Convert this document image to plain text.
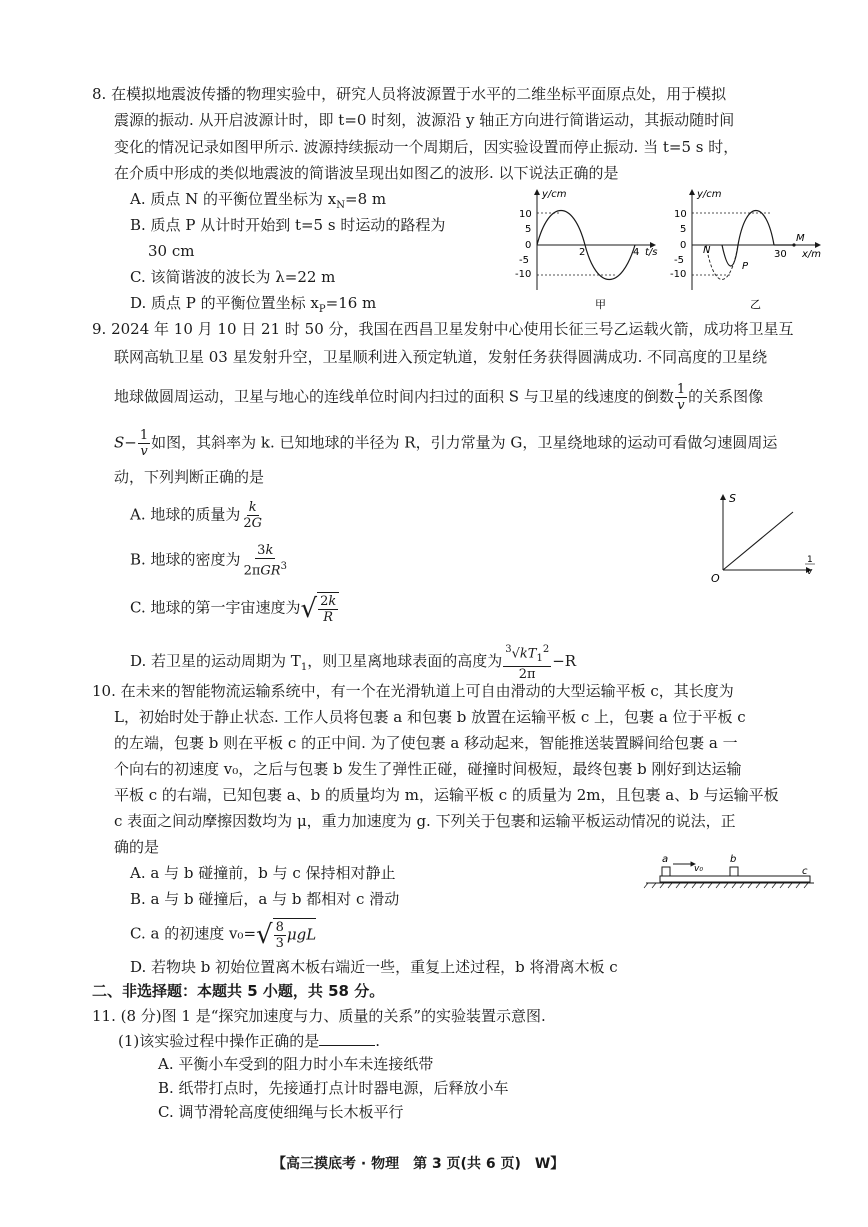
8. 在模拟地震波传播的物理实验中，研究人员将波源置于水平的二维坐标平面原点处，用于模拟
震源的振动. 从开启波源计时，即 t=0 时刻，波源沿 y 轴正方向进行简谐运动，其振动随时间
变化的情况记录如图甲所示. 波源持续振动一个周期后，因实验设置而停止振动. 当 t=5 s 时，
在介质中形成的类似地震波的简谐波呈现出如图乙的波形. 以下说法正确的是
A. 质点 N 的平衡位置坐标为 $x_N=8$ m
B. 质点 P 从计时开始到 t=5 s 时运动的路程为
30 cm
C. 该简谐波的波长为 λ=22 m
D. 质点 P 的平衡位置坐标 $x_P=16$ m
y/cm
t/s
10
5
0
-5
-10
2	4
甲
y/cm
x/m
10
5
0
-5
-10
30
N
P
M
乙
9. 2024 年 10 月 10 日 21 时 50 分，我国在西昌卫星发射中心使用长征三号乙运载火箭，成功将卫星互
联网高轨卫星 03 星发射升空，卫星顺利进入预定轨道，发射任务获得圆满成功. 不同高度的卫星绕
地球做圆周运动，卫星与地心的连线单位时间内扫过的面积 S 与卫星的线速度的倒数 $\frac{1}{v}$ 的关系图像
$S- \frac{1}{v}$ 如图，其斜率为 k. 已知地球的半径为 R，引力常量为 G，卫星绕地球的运动可看做匀速圆周运
动，下列判断正确的是
A. 地球的质量为 $\frac{k}{2G}$
B. 地球的密度为 $\frac{3k}{2\pi GR^3}$
C. 地球的第一宇宙速度为 √ $\frac{2k}{R}$
D. 若卫星的运动周期为 $T_1$，则卫星离地球表面的高度为 $\frac{^3√kT_1^2}{2\pi} -R$
S
O
1
v
10. 在未来的智能物流运输系统中，有一个在光滑轨道上可自由滑动的大型运输平板 c，其长度为
L，初始时处于静止状态. 工作人员将包裹 a 和包裹 b 放置在运输平板 c 上，包裹 a 位于平板 c
的左端，包裹 b 则在平板 c 的正中间. 为了使包裹 a 移动起来，智能推送装置瞬间给包裹 a 一
个向右的初速度 v₀，之后与包裹 b 发生了弹性正碰，碰撞时间极短，最终包裹 b 刚好到达运输
平板 c 的右端，已知包裹 a、b 的质量均为 m，运输平板 c 的质量为 2m，且包裹 a、b 与运输平板
c 表面之间动摩擦因数均为 μ，重力加速度为 g. 下列关于包裹和运输平板运动情况的说法，正
确的是
A. a 与 b 碰撞前，b 与 c 保持相对静止
B. a 与 b 碰撞后，a 与 b 都相对 c 滑动
C. a 的初速度 v₀= √ $\frac{8}{3}$ μgL
D. 若物块 b 初始位置离木板右端近一些，重复上述过程，b 将滑离木板 c
a
v₀
b
c
二、非选择题：本题共 5 小题，共 58 分。
11. (8 分)图 1 是“探究加速度与力、质量的关系”的实验装置示意图.
(1)该实验过程中操作正确的是	.
A. 平衡小车受到的阻力时小车未连接纸带
B. 纸带打点时，先接通打点计时器电源，后释放小车
C. 调节滑轮高度使细绳与长木板平行
【高三摸底考 · 物理　第 3 页(共 6 页)　W】
